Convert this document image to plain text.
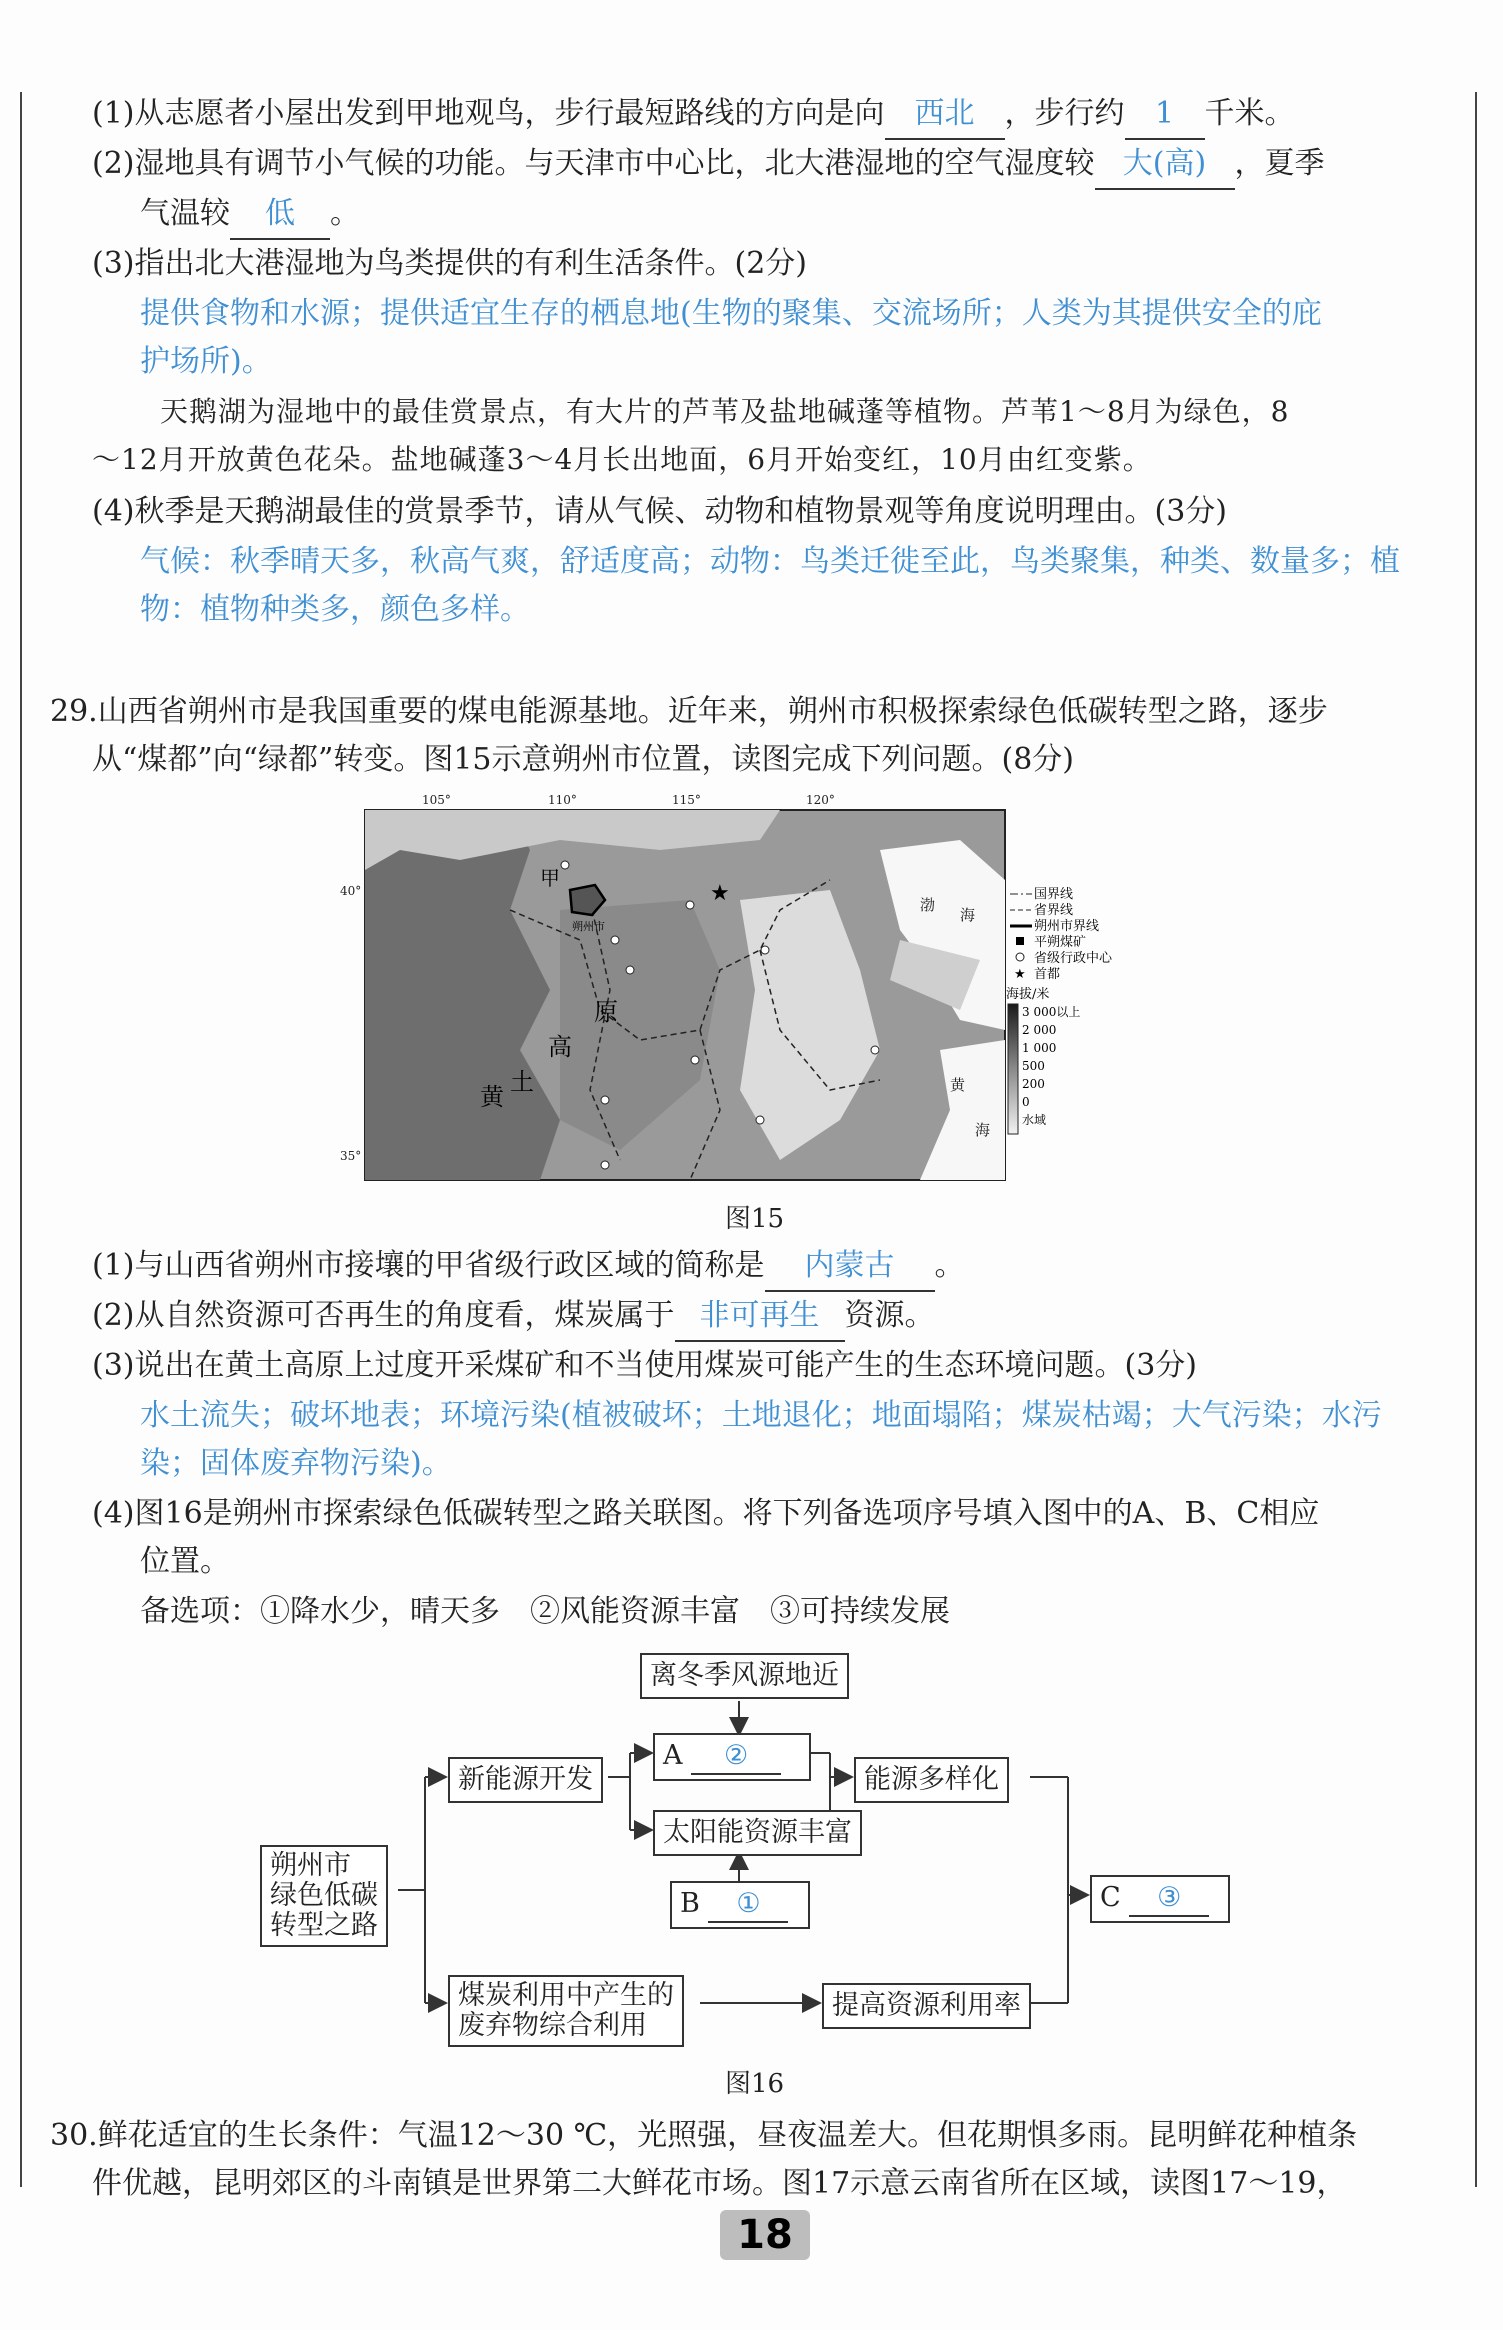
(1)从志愿者小屋出发到甲地观鸟，步行最短路线的方向是向 西北 ，步行约 1 千米。
(2)湿地具有调节小气候的功能。与天津市中心比，北大港湿地的空气湿度较 大(高) ，夏季
气温较 低 。
(3)指出北大港湿地为鸟类提供的有利生活条件。(2分)
提供食物和水源；提供适宜生存的栖息地(生物的聚集、交流场所；人类为其提供安全的庇
护场所)。
天鹅湖为湿地中的最佳赏景点，有大片的芦苇及盐地碱蓬等植物。芦苇1～8月为绿色，8
～12月开放黄色花朵。盐地碱蓬3～4月长出地面，6月开始变红，10月由红变紫。
(4)秋季是天鹅湖最佳的赏景季节，请从气候、动物和植物景观等角度说明理由。(3分)
气候：秋季晴天多，秋高气爽，舒适度高；动物：鸟类迁徙至此，鸟类聚集，种类、数量多；植
物：植物种类多，颜色多样。
29.山西省朔州市是我国重要的煤电能源基地。近年来，朔州市积极探索绿色低碳转型之路，逐步
从“煤都”向“绿都”转变。图15示意朔州市位置，读图完成下列问题。(8分)
★
105°	110°	115°	120°
40°
35°
甲
朔州市
黄
土
高
原
渤
海
黄
海
国界线
省界线
朔州市界线
平朔煤矿
省级行政中心
★ 首都
海拔/米
3 000以上
2 000
1 000
500
200
0
水域
图15
(1)与山西省朔州市接壤的甲省级行政区域的简称是 内蒙古 。
(2)从自然资源可否再生的角度看，煤炭属于 非可再生 资源。
(3)说出在黄土高原上过度开采煤矿和不当使用煤炭可能产生的生态环境问题。(3分)
水土流失；破坏地表；环境污染(植被破坏；土地退化；地面塌陷；煤炭枯竭；大气污染；水污
染；固体废弃物污染)。
(4)图16是朔州市探索绿色低碳转型之路关联图。将下列备选项序号填入图中的A、B、C相应
位置。
备选项：①降水少，晴天多　②风能资源丰富　③可持续发展
离冬季风源地近
A ②
新能源开发	能源多样化
太阳能资源丰富
朔州市
绿色低碳
转型之路
B ①	C ③
煤炭利用中产生的
废弃物综合利用
提高资源利用率
图16
30.鲜花适宜的生长条件：气温12～30 ℃，光照强，昼夜温差大。但花期惧多雨。昆明鲜花种植条
件优越，昆明郊区的斗南镇是世界第二大鲜花市场。图17示意云南省所在区域，读图17～19，
18
